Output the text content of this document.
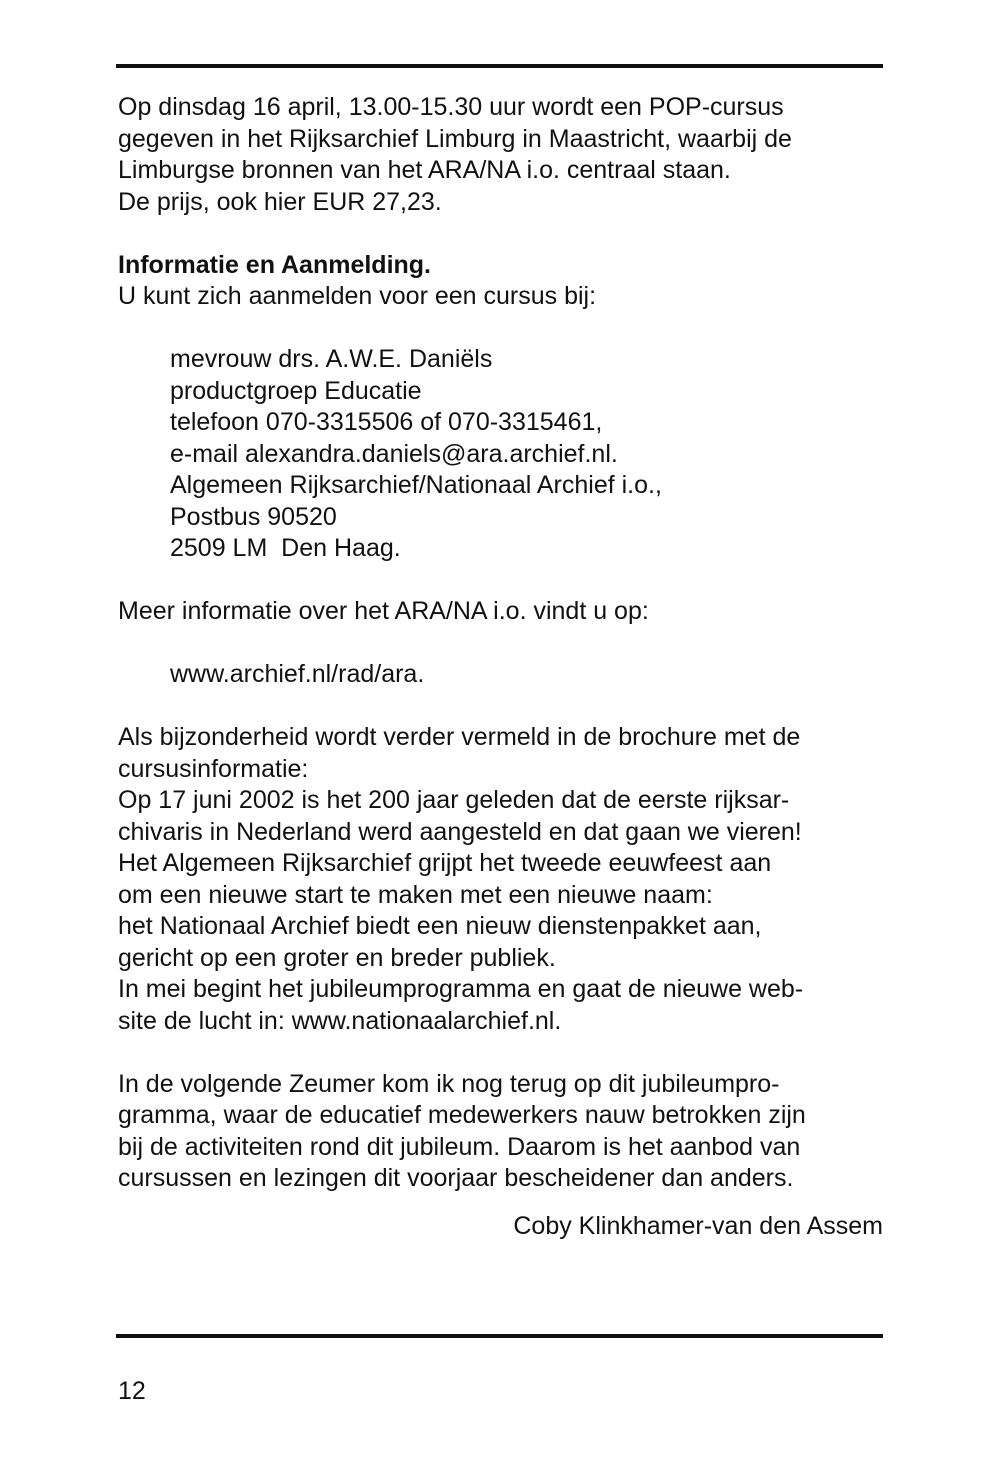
Op dinsdag 16 april, 13.00-15.30 uur wordt een POP-cursus
gegeven in het Rijksarchief Limburg in Maastricht, waarbij de
Limburgse bronnen van het ARA/NA i.o. centraal staan.
De prijs, ook hier EUR 27,23.

Informatie en Aanmelding.
U kunt zich aanmelden voor een cursus bij:

mevrouw drs. A.W.E. Daniëls
productgroep Educatie
telefoon 070-3315506 of 070-3315461,
e-mail alexandra.daniels@ara.archief.nl.
Algemeen Rijksarchief/Nationaal Archief i.o.,
Postbus 90520
2509 LM  Den Haag.

Meer informatie over het ARA/NA i.o. vindt u op:

www.archief.nl/rad/ara.

Als bijzonderheid wordt verder vermeld in de brochure met de
cursusinformatie:
Op 17 juni 2002 is het 200 jaar geleden dat de eerste rijksar-
chivaris in Nederland werd aangesteld en dat gaan we vieren!
Het Algemeen Rijksarchief grijpt het tweede eeuwfeest aan
om een nieuwe start te maken met een nieuwe naam:
het Nationaal Archief biedt een nieuw dienstenpakket aan,
gericht op een groter en breder publiek.
In mei begint het jubileumprogramma en gaat de nieuwe web-
site de lucht in: www.nationaalarchief.nl.

In de volgende Zeumer kom ik nog terug op dit jubileumpro-
gramma, waar de educatief medewerkers nauw betrokken zijn
bij de activiteiten rond dit jubileum. Daarom is het aanbod van
cursussen en lezingen dit voorjaar bescheidener dan anders.

Coby Klinkhamer-van den Assem

12
